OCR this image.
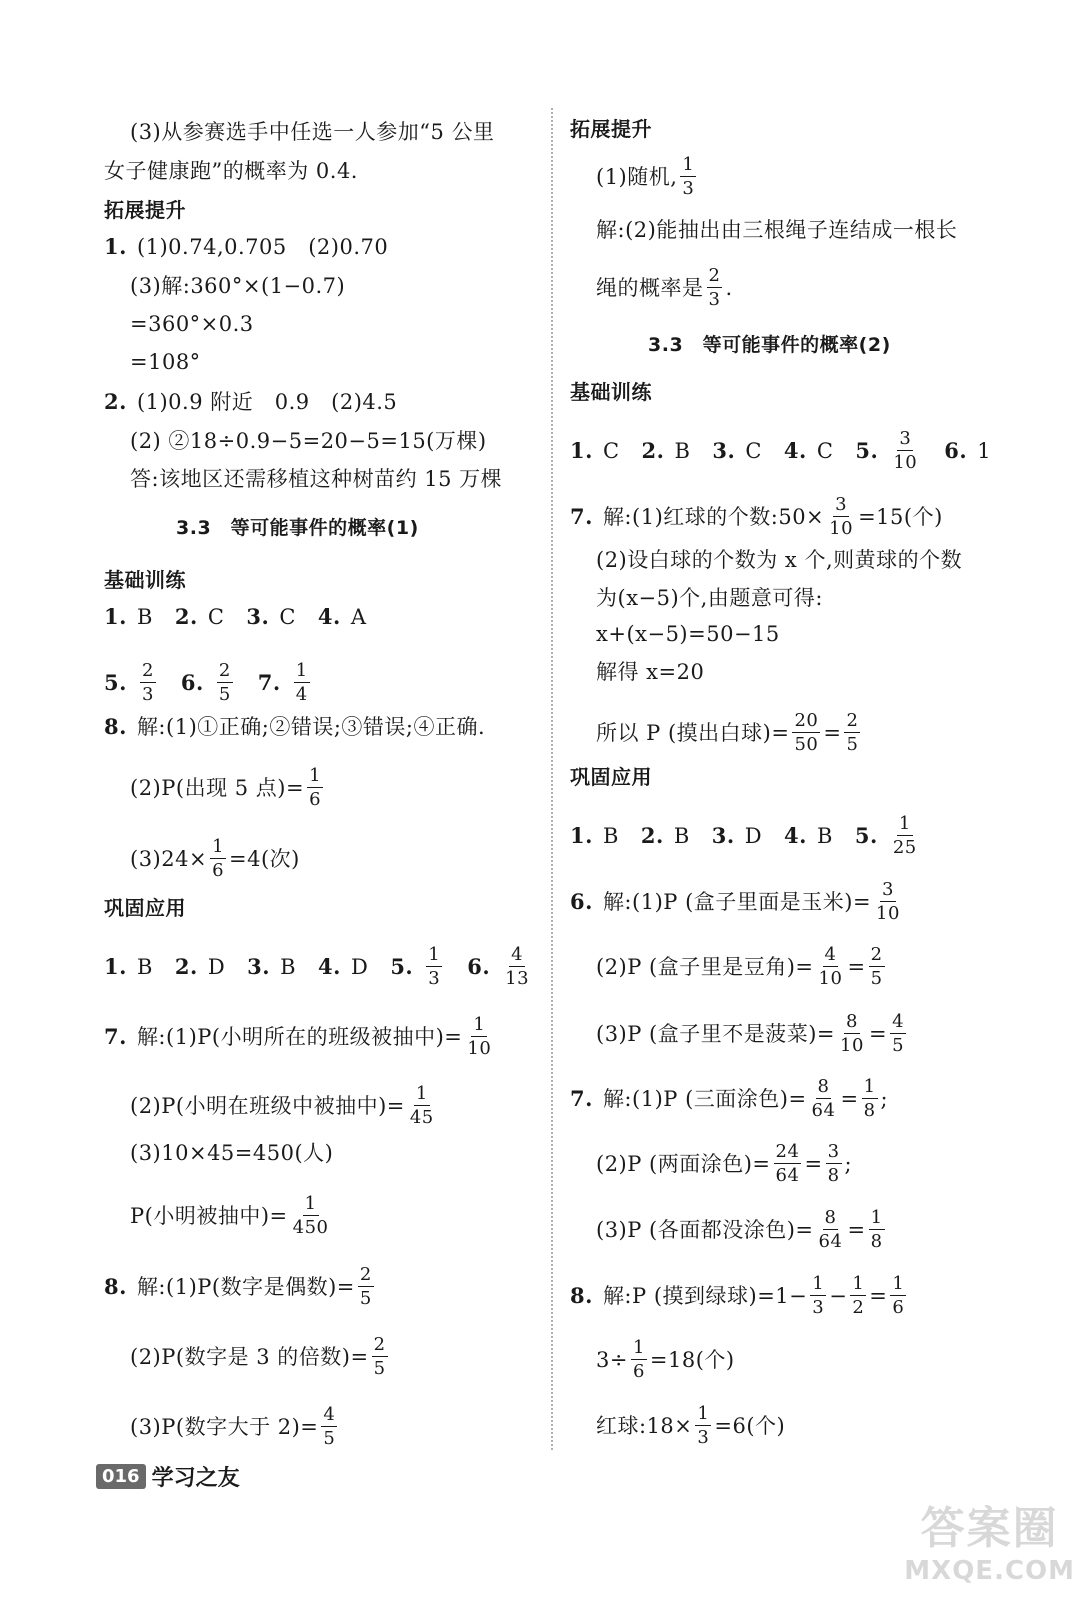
(3)从参赛选手中任选一人参加“5 公里
女子健康跑”的概率为 0.4.
拓展提升
1. (1)0.74,0.705　(2)0.70
(3)解:360°×(1−0.7)
=360°×0.3
=108°
2. (1)0.9 附近　0.9　(2)4.5
(2) ②18÷0.9−5=20−5=15(万棵)
答:该地区还需移植这种树苗约 15 万棵
3.3　等可能事件的概率(1)
基础训练
1. B 2. C 3. C 4. A
5. $\frac{2}{3} 6$. $\frac{2}{5} 7$. $\frac{1}{4}$
8. 解:(1)①正确;②错误;③错误;④正确.
(2)P(出现 5 点)= $\frac{1}{6}$
$(3)24\times \frac{1}{6} =4$(次)
巩固应用
1. B 2. D 3. B 4. D 5. $\frac{1}{3} 6$. $\frac{4}{13}$
7. 解:(1)P(小明所在的班级被抽中)= $\frac{1}{10}$
(2)P(小明在班级中被抽中)= $\frac{1}{45}$
(3)10×45=450(人)
P(小明被抽中)= $\frac{1}{450}$
8. 解:(1)P(数字是偶数)= $\frac{2}{5}$
(2)P(数字是 3 的倍数)= $\frac{2}{5}$
(3)P(数字大于 $2)= \frac{4}{5}$
拓展提升
(1)随机, $\frac{1}{3}$
解:(2)能抽出由三根绳子连结成一根长
绳的概率是 $\frac{2}{3}$ .
3.3　等可能事件的概率(2)
基础训练
1. C 2. B 3. C 4. C 5. $\frac{3}{10} 6$. 1
7. 解:(1)红球的个数:50× $\frac{3}{10} =15$(个)
(2)设白球的个数为 x 个,则黄球的个数
为(x−5)个,由题意可得:
x+(x−5)=50−15
解得 x=20
所以 P (摸出白球)= $\frac{20}{50} = \frac{2}{5}$
巩固应用
1. B 2. B 3. D 4. B 5. $\frac{1}{25}$
6. 解:(1)P (盒子里面是玉米)= $\frac{3}{10}$
(2)P (盒子里是豆角)= $\frac{4}{10} = \frac{2}{5}$
(3)P (盒子里不是菠菜)= $\frac{8}{10} = \frac{4}{5}$
7. 解:(1)P (三面涂色)= $\frac{8}{64} = \frac{1}{8}$ ;
(2)P (两面涂色)= $\frac{24}{64} = \frac{3}{8}$ ;
(3)P (各面都没涂色)= $\frac{8}{64} = \frac{1}{8}$
8. 解:P (摸到绿球)$=1- \frac{1}{3} - \frac{1}{2} = \frac{1}{6}$
$3\div \frac{1}{6} =18$(个)
红球:18× $\frac{1}{3} =6$(个)
016 学习之友
答案圈
MXQE.COM
